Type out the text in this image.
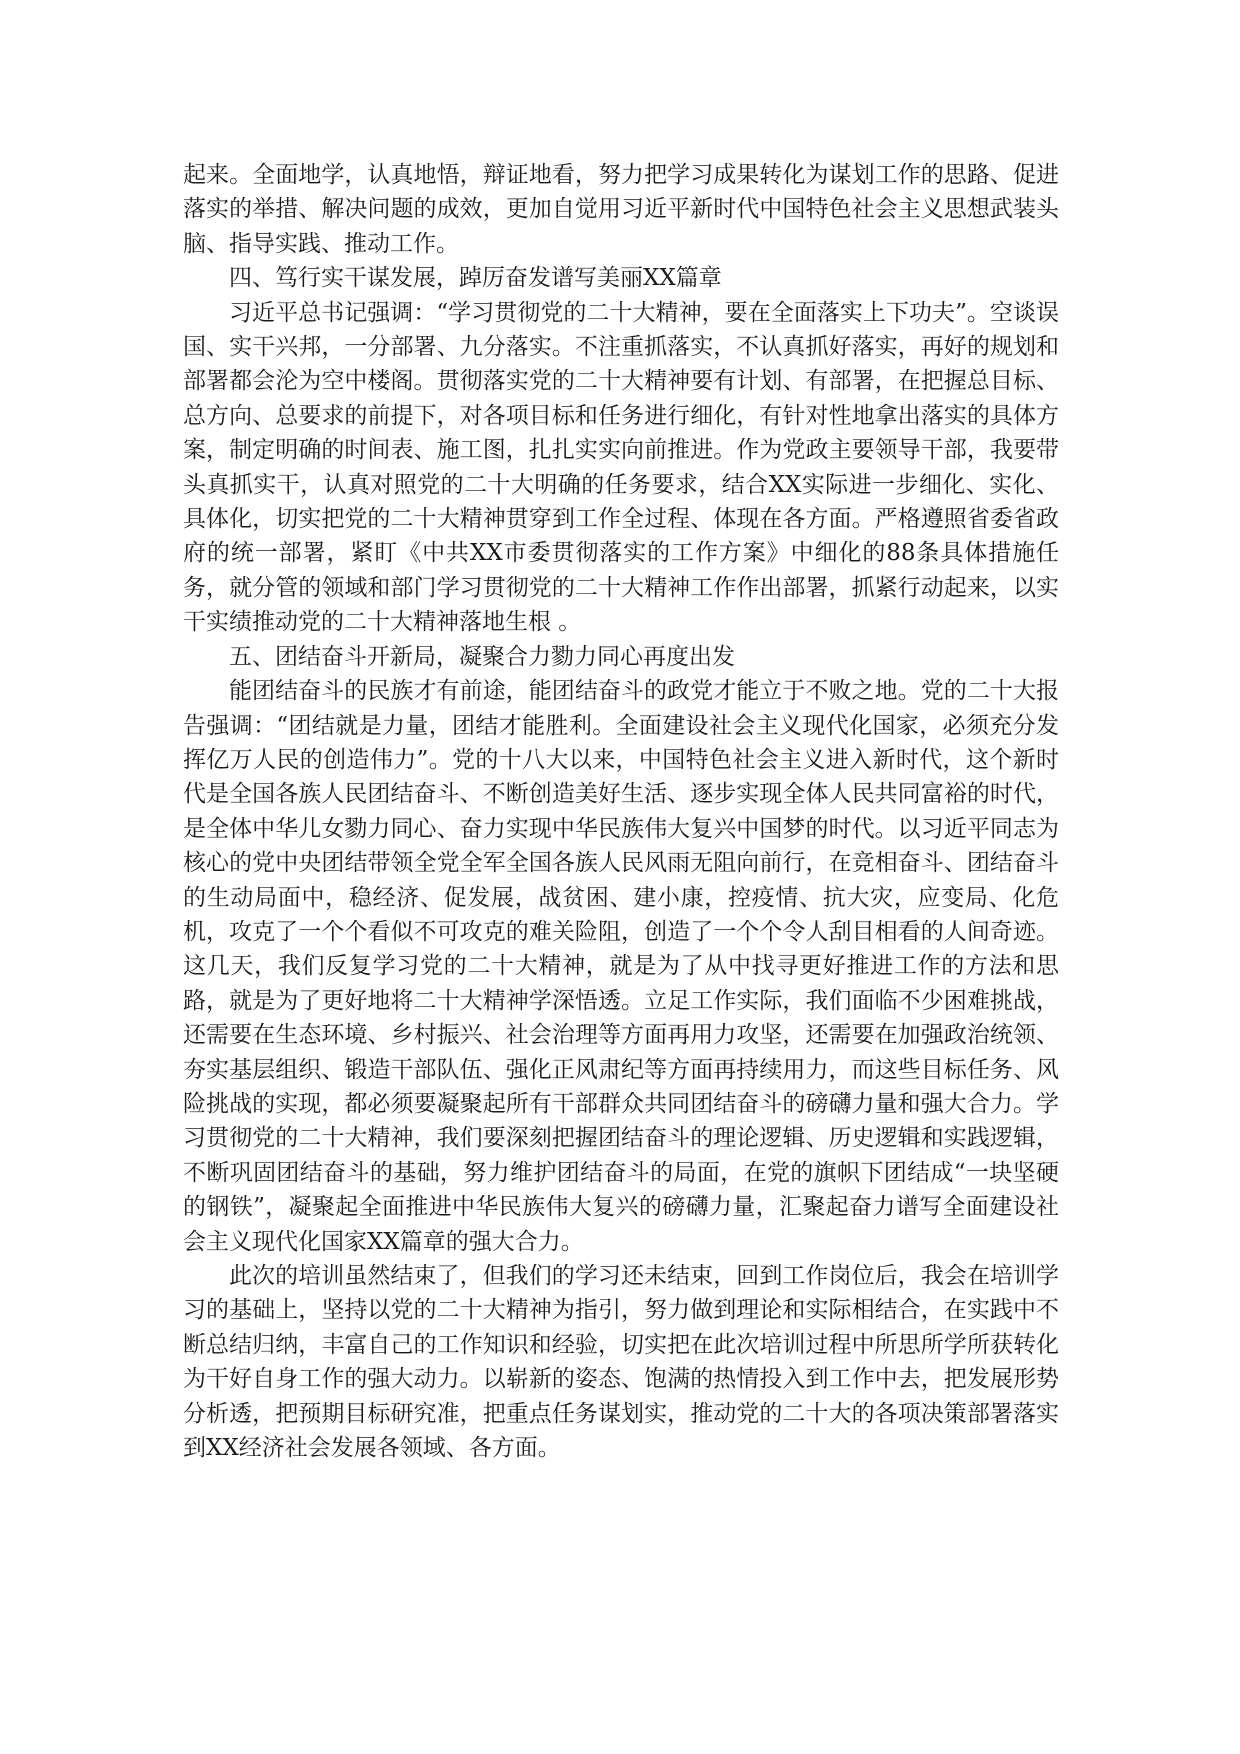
起来。全面地学，认真地悟，辩证地看，努力把学习成果转化为谋划工作的思路、促进落实的举措、解决问题的成效，更加自觉用习近平新时代中国特色社会主义思想武装头脑、指导实践、推动工作。

四、笃行实干谋发展，踔厉奋发谱写美丽XX篇章

习近平总书记强调：“学习贯彻党的二十大精神，要在全面落实上下功夫”。空谈误国、实干兴邦，一分部署、九分落实。不注重抓落实，不认真抓好落实，再好的规划和部署都会沦为空中楼阁。贯彻落实党的二十大精神要有计划、有部署，在把握总目标、总方向、总要求的前提下，对各项目标和任务进行细化，有针对性地拿出落实的具体方案，制定明确的时间表、施工图，扎扎实实向前推进。作为党政主要领导干部，我要带头真抓实干，认真对照党的二十大明确的任务要求，结合XX实际进一步细化、实化、具体化，切实把党的二十大精神贯穿到工作全过程、体现在各方面。严格遵照省委省政府的统一部署，紧盯《中共XX市委贯彻落实的工作方案》中细化的88条具体措施任务，就分管的领域和部门学习贯彻党的二十大精神工作作出部署，抓紧行动起来，以实干实绩推动党的二十大精神落地生根 。

五、团结奋斗开新局，凝聚合力勠力同心再度出发

能团结奋斗的民族才有前途，能团结奋斗的政党才能立于不败之地。党的二十大报告强调：“团结就是力量，团结才能胜利。全面建设社会主义现代化国家，必须充分发挥亿万人民的创造伟力”。党的十八大以来，中国特色社会主义进入新时代，这个新时代是全国各族人民团结奋斗、不断创造美好生活、逐步实现全体人民共同富裕的时代，是全体中华儿女勠力同心、奋力实现中华民族伟大复兴中国梦的时代。以习近平同志为核心的党中央团结带领全党全军全国各族人民风雨无阻向前行，在竞相奋斗、团结奋斗的生动局面中，稳经济、促发展，战贫困、建小康，控疫情、抗大灾，应变局、化危机，攻克了一个个看似不可攻克的难关险阻，创造了一个个令人刮目相看的人间奇迹。这几天，我们反复学习党的二十大精神，就是为了从中找寻更好推进工作的方法和思路，就是为了更好地将二十大精神学深悟透。立足工作实际，我们面临不少困难挑战，还需要在生态环境、乡村振兴、社会治理等方面再用力攻坚，还需要在加强政治统领、夯实基层组织、锻造干部队伍、强化正风肃纪等方面再持续用力，而这些目标任务、风险挑战的实现，都必须要凝聚起所有干部群众共同团结奋斗的磅礴力量和强大合力。学习贯彻党的二十大精神，我们要深刻把握团结奋斗的理论逻辑、历史逻辑和实践逻辑，不断巩固团结奋斗的基础，努力维护团结奋斗的局面，在党的旗帜下团结成“一块坚硬的钢铁”，凝聚起全面推进中华民族伟大复兴的磅礴力量，汇聚起奋力谱写全面建设社会主义现代化国家XX篇章的强大合力。

此次的培训虽然结束了，但我们的学习还未结束，回到工作岗位后，我会在培训学习的基础上，坚持以党的二十大精神为指引，努力做到理论和实际相结合，在实践中不断总结归纳，丰富自己的工作知识和经验，切实把在此次培训过程中所思所学所获转化为干好自身工作的强大动力。以崭新的姿态、饱满的热情投入到工作中去，把发展形势分析透，把预期目标研究准，把重点任务谋划实，推动党的二十大的各项决策部署落实到XX经济社会发展各领域、各方面。
